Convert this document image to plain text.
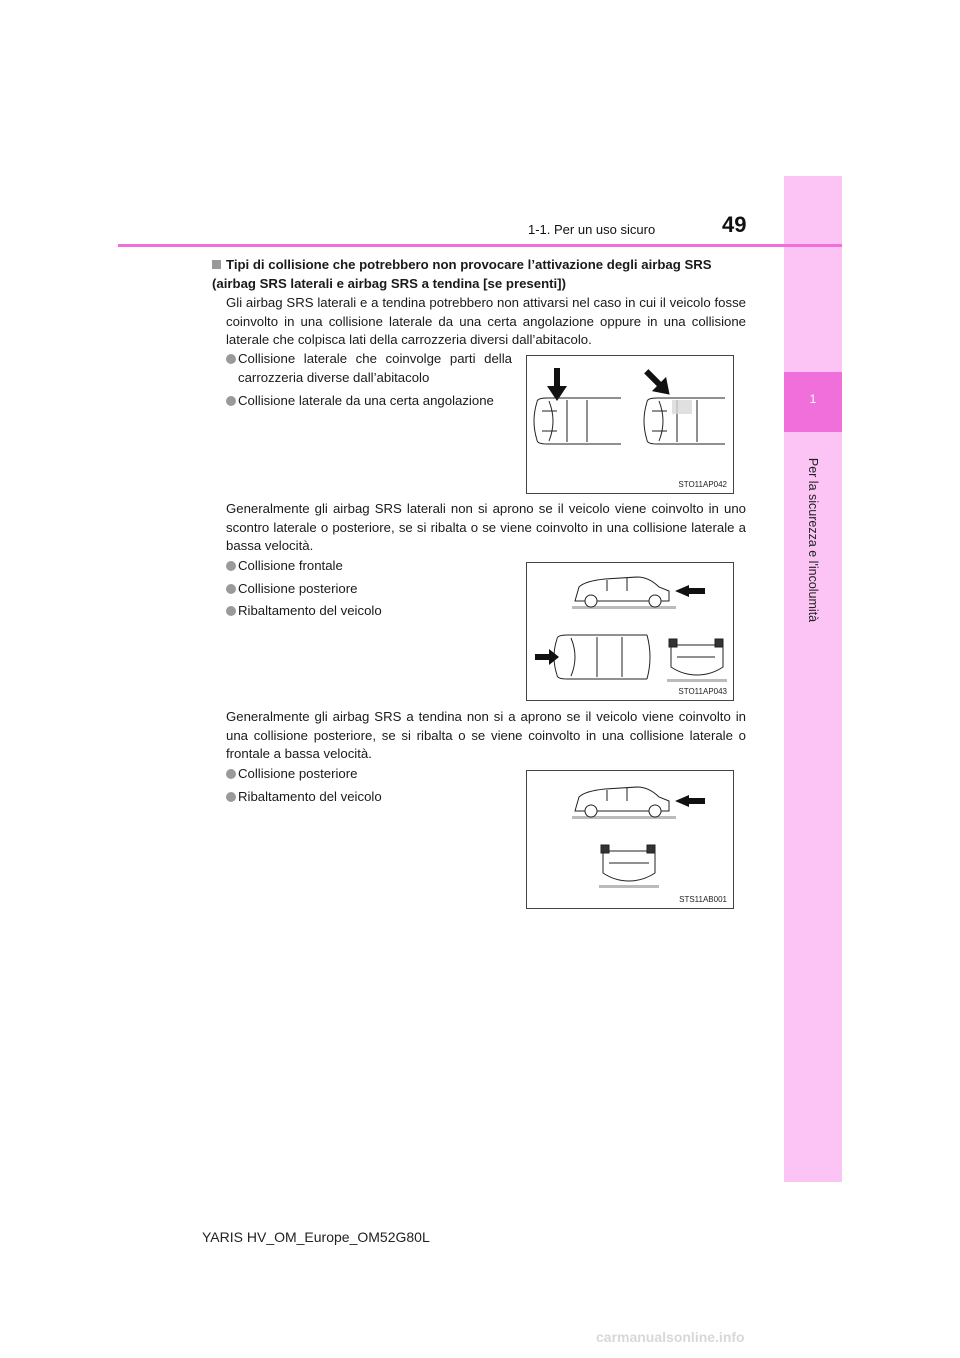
1
Per la sicurezza e l'incolumità
1-1. Per un uso sicuro	49
Tipi di collisione che potrebbero non provocare l’attivazione degli airbag SRS (airbag SRS laterali e airbag SRS a tendina [se presenti])
Gli airbag SRS laterali e a tendina potrebbero non attivarsi nel caso in cui il veicolo fosse coinvolto in una collisione laterale da una certa angolazione oppure in una collisione laterale che colpisca lati della carrozzeria diversi dall’abitacolo.
Collisione laterale che coinvolge parti della carrozzeria diverse dall’abitacolo
Collisione laterale da una certa angolazione
STO11AP042
Generalmente gli airbag SRS laterali non si aprono se il veicolo viene coinvolto in uno scontro laterale o posteriore, se si ribalta o se viene coinvolto in una collisione laterale a bassa velocità.
Collisione frontale
Collisione posteriore
Ribaltamento del veicolo
STO11AP043
Generalmente gli airbag SRS a tendina non si a aprono se il veicolo viene coinvolto in una collisione posteriore, se si ribalta o se viene coinvolto in una collisione laterale o frontale a bassa velocità.
Collisione posteriore
Ribaltamento del veicolo
STS11AB001
YARIS HV_OM_Europe_OM52G80L
carmanualsonline.info
